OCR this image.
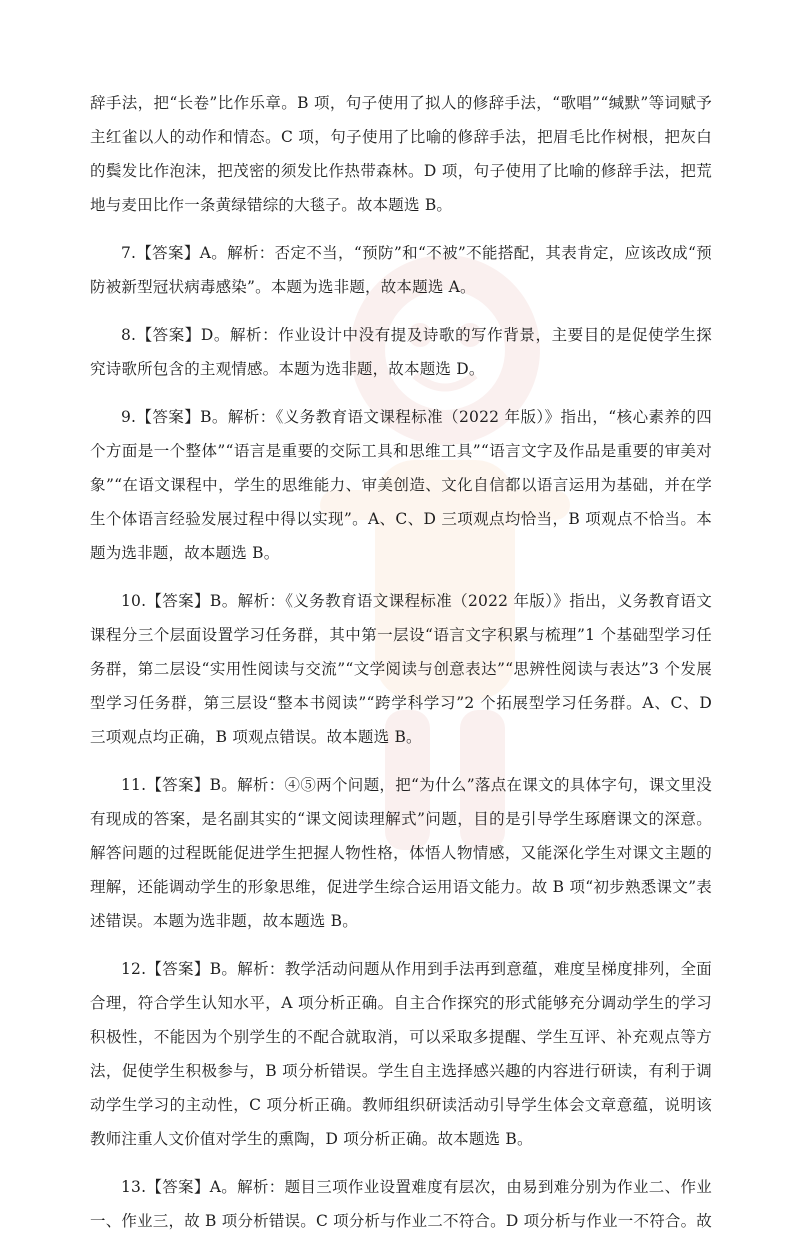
辞手法，把“长卷”比作乐章。B 项，句子使用了拟人的修辞手法，“歌唱”“缄默”等词赋予主红雀以人的动作和情态。C 项，句子使用了比喻的修辞手法，把眉毛比作树根，把灰白的鬓发比作泡沫，把茂密的须发比作热带森林。D 项，句子使用了比喻的修辞手法，把荒地与麦田比作一条黄绿错综的大毯子。故本题选 B。

7.【答案】A。解析：否定不当，“预防”和“不被”不能搭配，其表肯定，应该改成“预防被新型冠状病毒感染”。本题为选非题，故本题选 A。

8.【答案】D。解析：作业设计中没有提及诗歌的写作背景，主要目的是促使学生探究诗歌所包含的主观情感。本题为选非题，故本题选 D。

9.【答案】B。解析：《义务教育语文课程标准（2022 年版）》指出，“核心素养的四个方面是一个整体”“语言是重要的交际工具和思维工具”“语言文字及作品是重要的审美对象”“在语文课程中，学生的思维能力、审美创造、文化自信都以语言运用为基础，并在学生个体语言经验发展过程中得以实现”。A、C、D 三项观点均恰当，B 项观点不恰当。本题为选非题，故本题选 B。

10.【答案】B。解析：《义务教育语文课程标准（2022 年版）》指出，义务教育语文课程分三个层面设置学习任务群，其中第一层设“语言文字积累与梳理”1 个基础型学习任务群，第二层设“实用性阅读与交流”“文学阅读与创意表达”“思辨性阅读与表达”3 个发展型学习任务群，第三层设“整本书阅读”“跨学科学习”2 个拓展型学习任务群。A、C、D 三项观点均正确，B 项观点错误。故本题选 B。

11.【答案】B。解析：④⑤两个问题，把“为什么”落点在课文的具体字句，课文里没有现成的答案，是名副其实的“课文阅读理解式”问题，目的是引导学生琢磨课文的深意。解答问题的过程既能促进学生把握人物性格，体悟人物情感，又能深化学生对课文主题的理解，还能调动学生的形象思维，促进学生综合运用语文能力。故 B 项“初步熟悉课文”表述错误。本题为选非题，故本题选 B。

12.【答案】B。解析：教学活动问题从作用到手法再到意蕴，难度呈梯度排列，全面合理，符合学生认知水平，A 项分析正确。自主合作探究的形式能够充分调动学生的学习积极性，不能因为个别学生的不配合就取消，可以采取多提醒、学生互评、补充观点等方法，促使学生积极参与，B 项分析错误。学生自主选择感兴趣的内容进行研读，有利于调动学生学习的主动性，C 项分析正确。教师组织研读活动引导学生体会文章意蕴，说明该教师注重人文价值对学生的熏陶，D 项分析正确。故本题选 B。

13.【答案】A。解析：题目三项作业设置难度有层次，由易到难分别为作业二、作业一、作业三，故 B 项分析错误。C 项分析与作业二不符合。D 项分析与作业一不符合。故
